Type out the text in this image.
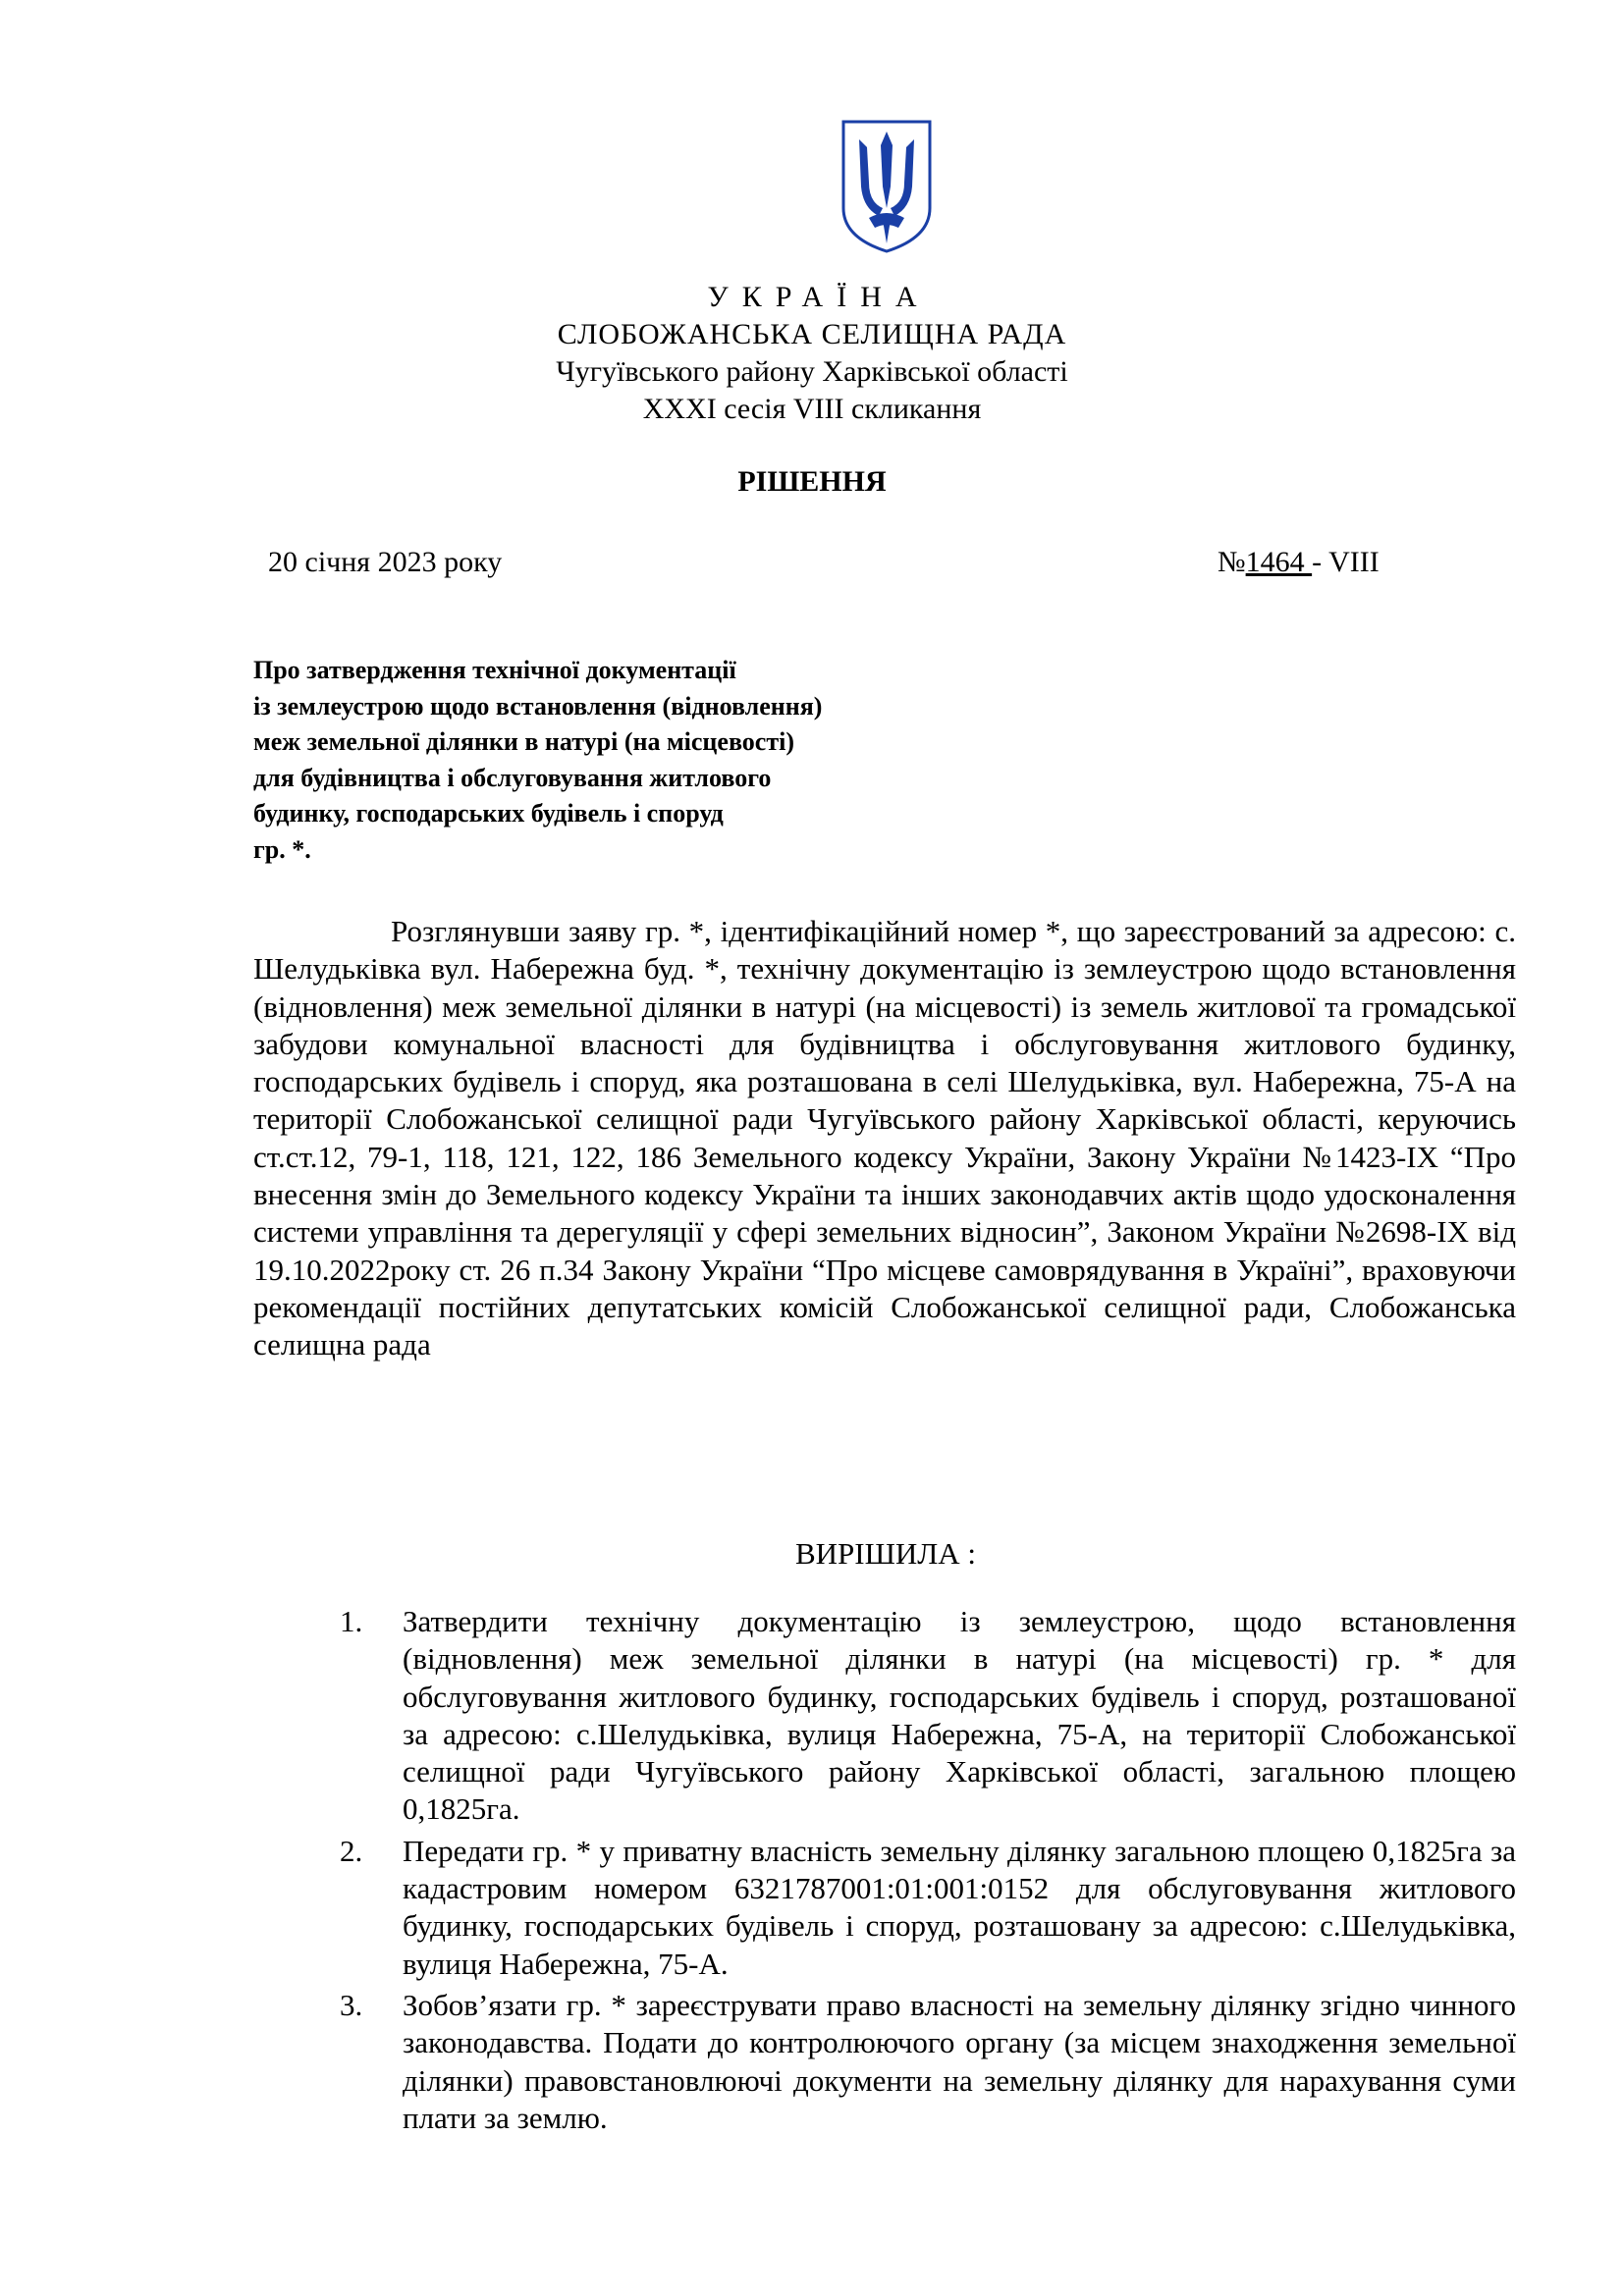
УКРАЇНА
СЛОБОЖАНСЬКА СЕЛИЩНА РАДА
Чугуївського району Харківської області
XXXI сесія VIII скликання
РІШЕННЯ
20 січня 2023 року	№1464 - VIII
Про затвердження технічної документації
із землеустрою щодо встановлення (відновлення)
меж земельної ділянки в натурі (на місцевості)
для будівництва і обслуговування житлового
будинку, господарських будівель і споруд
гр. *.
Розглянувши заяву гр. *, ідентифікаційний номер *, що зареєстрований за адресою: с. Шелудьківка вул. Набережна буд. *, технічну документацію із землеустрою щодо встановлення (відновлення) меж земельної ділянки в натурі (на місцевості) із земель житлової та громадської забудови комунальної власності для будівництва і обслуговування житлового будинку, господарських будівель і споруд, яка розташована в селі Шелудьківка, вул. Набережна, 75-А на території Слобожанської селищної ради Чугуївського району Харківської області, керуючись ст.ст.12, 79-1, 118, 121, 122, 186 Земельного кодексу України, Закону України №1423-IX “Про внесення змін до Земельного кодексу України та інших законодавчих актів щодо удосконалення системи управління та дерегуляції у сфері земельних відносин”, Законом України №2698-IX від 19.10.2022року ст. 26 п.34 Закону України “Про місцеве самоврядування в Україні”, враховуючи рекомендації постійних депутатських комісій Слобожанської селищної ради, Слобожанська селищна рада
ВИРІШИЛА :
1.	Затвердити технічну документацію із землеустрою, щодо встановлення (відновлення) меж земельної ділянки в натурі (на місцевості) гр. * для обслуговування житлового будинку, господарських будівель і споруд, розташованої за адресою: с.Шелудьківка, вулиця Набережна, 75-А, на території Слобожанської селищної ради Чугуївського району Харківської області, загальною площею 0,1825га.
2.	Передати гр. * у приватну власність земельну ділянку загальною площею 0,1825га за кадастровим номером 6321787001:01:001:0152 для обслуговування житлового будинку, господарських будівель і споруд, розташовану за адресою: с.Шелудьківка, вулиця Набережна, 75-А.
3.	Зобов’язати гр. * зареєструвати право власності на земельну ділянку згідно чинного законодавства. Подати до контролюючого органу (за місцем знаходження земельної ділянки) правовстановлюючі документи на земельну ділянку для нарахування суми плати за землю.
